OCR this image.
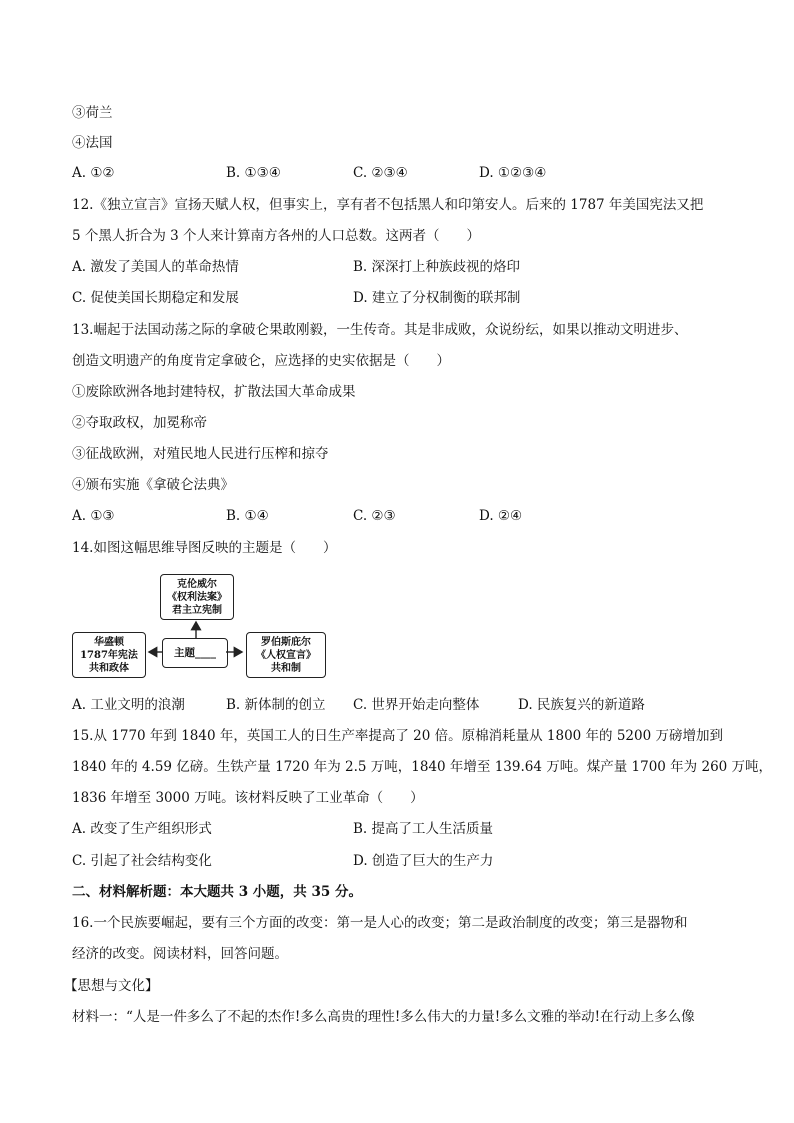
③荷兰
④法国
A. ①②	B. ①③④	C. ②③④	D. ①②③④
12.《独立宣言》宣扬天赋人权，但事实上，享有者不包括黑人和印第安人。后来的 1787 年美国宪法又把
5 个黑人折合为 3 个人来计算南方各州的人口总数。这两者（　　）
A. 激发了美国人的革命热情	B. 深深打上种族歧视的烙印
C. 促使美国长期稳定和发展	D. 建立了分权制衡的联邦制
13.崛起于法国动荡之际的拿破仑果敢刚毅，一生传奇。其是非成败，众说纷纭，如果以推动文明进步、
创造文明遗产的角度肯定拿破仑，应选择的史实依据是（　　）
①废除欧洲各地封建特权，扩散法国大革命成果
②夺取政权，加冕称帝
③征战欧洲，对殖民地人民进行压榨和掠夺
④颁布实施《拿破仑法典》
A. ①③	B. ①④	C. ②③	D. ②④
14.如图这幅思维导图反映的主题是（　　）
克伦威尔
《权利法案》
君主立宪制
华盛顿
1787年宪法
共和政体
主题____
罗伯斯庇尔
《人权宣言》
共和制
A. 工业文明的浪潮	B. 新体制的创立 C. 世界开始走向整体	D. 民族复兴的新道路
15.从 1770 年到 1840 年，英国工人的日生产率提高了 20 倍。原棉消耗量从 1800 年的 5200 万磅增加到
1840 年的 4.59 亿磅。生铁产量 1720 年为 2.5 万吨，1840 年增至 139.64 万吨。煤产量 1700 年为 260 万吨，
1836 年增至 3000 万吨。该材料反映了工业革命（　　）
A. 改变了生产组织形式	B. 提高了工人生活质量
C. 引起了社会结构变化	D. 创造了巨大的生产力
二、材料解析题：本大题共 3 小题，共 35 分。
16.一个民族要崛起，要有三个方面的改变：第一是人心的改变；第二是政治制度的改变；第三是器物和
经济的改变。阅读材料，回答问题。
【思想与文化】
材料一：“人是一件多么了不起的杰作!多么高贵的理性!多么伟大的力量!多么文雅的举动!在行动上多么像
